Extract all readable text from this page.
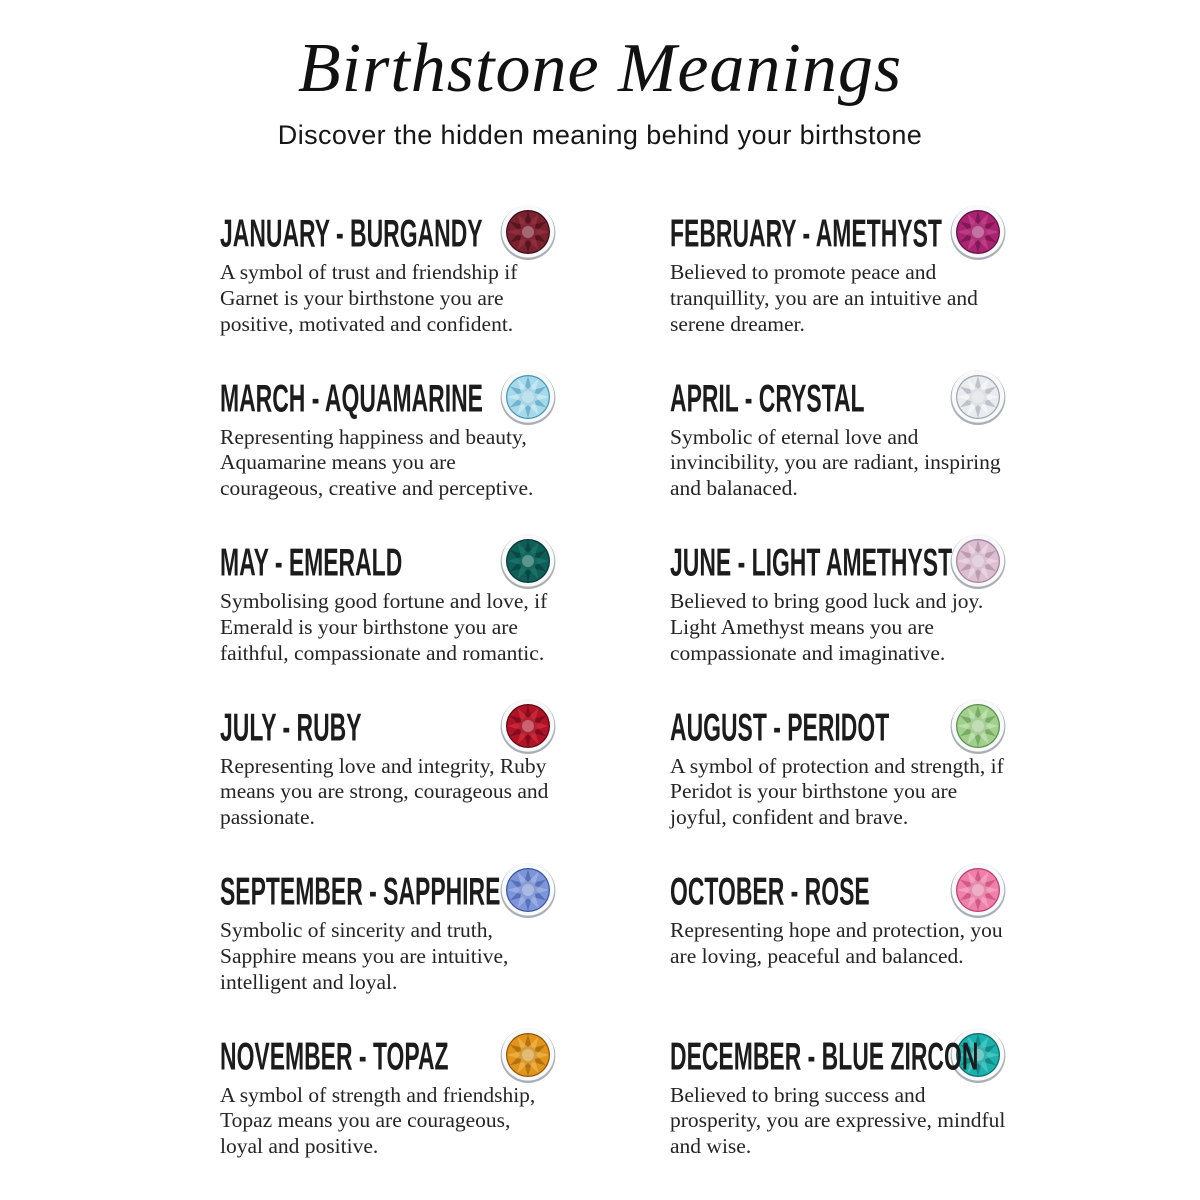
Birthstone Meanings

Discover the hidden meaning behind your birthstone

JANUARY - BURGANDY

A symbol of trust and friendship if Garnet is your birthstone you are positive, motivated and confident.

FEBRUARY - AMETHYST

Believed to promote peace and tranquillity, you are an intuitive and serene dreamer.

MARCH - AQUAMARINE

Representing happiness and beauty, Aquamarine means you are courageous, creative and perceptive.

APRIL - CRYSTAL

Symbolic of eternal love and invincibility, you are radiant, inspiring and balanaced.

MAY - EMERALD

Symbolising good fortune and love, if Emerald is your birthstone you are faithful, compassionate and romantic.

JUNE - LIGHT AMETHYST

Believed to bring good luck and joy. Light Amethyst means you are compassionate and imaginative.

JULY - RUBY

Representing love and integrity, Ruby means you are strong, courageous and passionate.

AUGUST - PERIDOT

A symbol of protection and strength, if Peridot is your birthstone you are joyful, confident and brave.

SEPTEMBER - SAPPHIRE

Symbolic of sincerity and truth, Sapphire means you are intuitive, intelligent and loyal.

OCTOBER - ROSE

Representing hope and protection, you are loving, peaceful and balanced.

NOVEMBER - TOPAZ

A symbol of strength and friendship, Topaz means you are courageous, loyal and positive.

DECEMBER - BLUE ZIRCON

Believed to bring success and prosperity, you are expressive, mindful and wise.
